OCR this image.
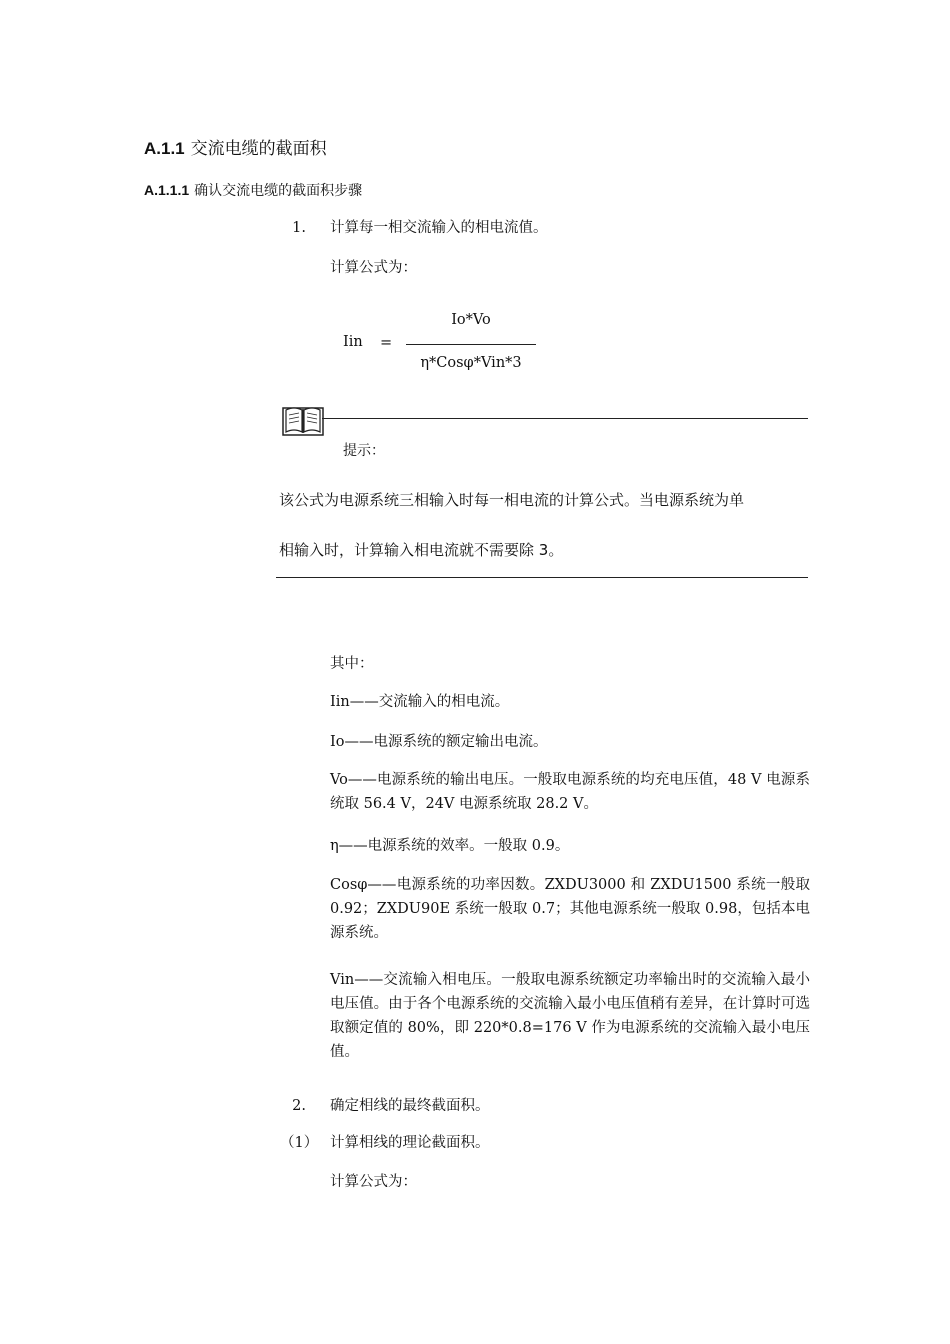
A.1.1 交流电缆的截面积
A.1.1.1 确认交流电缆的截面积步骤
1. 计算每一相交流输入的相电流值。
计算公式为：
Iin =
Io*Vo
η*Cosφ*Vin*3
提示：
该公式为电源系统三相输入时每一相电流的计算公式。当电源系统为单
相输入时，计算输入相电流就不需要除 3。
其中：
Iin——交流输入的相电流。
Io——电源系统的额定输出电流。
Vo——电源系统的输出电压。一般取电源系统的均充电压值，48 V 电源系统取 56.4 V，24V 电源系统取 28.2 V。
η——电源系统的效率。一般取 0.9。
Cosφ——电源系统的功率因数。ZXDU3000 和 ZXDU1500 系统一般取 0.92；ZXDU90E 系统一般取 0.7；其他电源系统一般取 0.98，包括本电源系统。
Vin——交流输入相电压。一般取电源系统额定功率输出时的交流输入最小电压值。由于各个电源系统的交流输入最小电压值稍有差异，在计算时可选取额定值的 80%，即 220*0.8=176 V 作为电源系统的交流输入最小电压值。
2. 确定相线的最终截面积。
（1） 计算相线的理论截面积。
计算公式为：
